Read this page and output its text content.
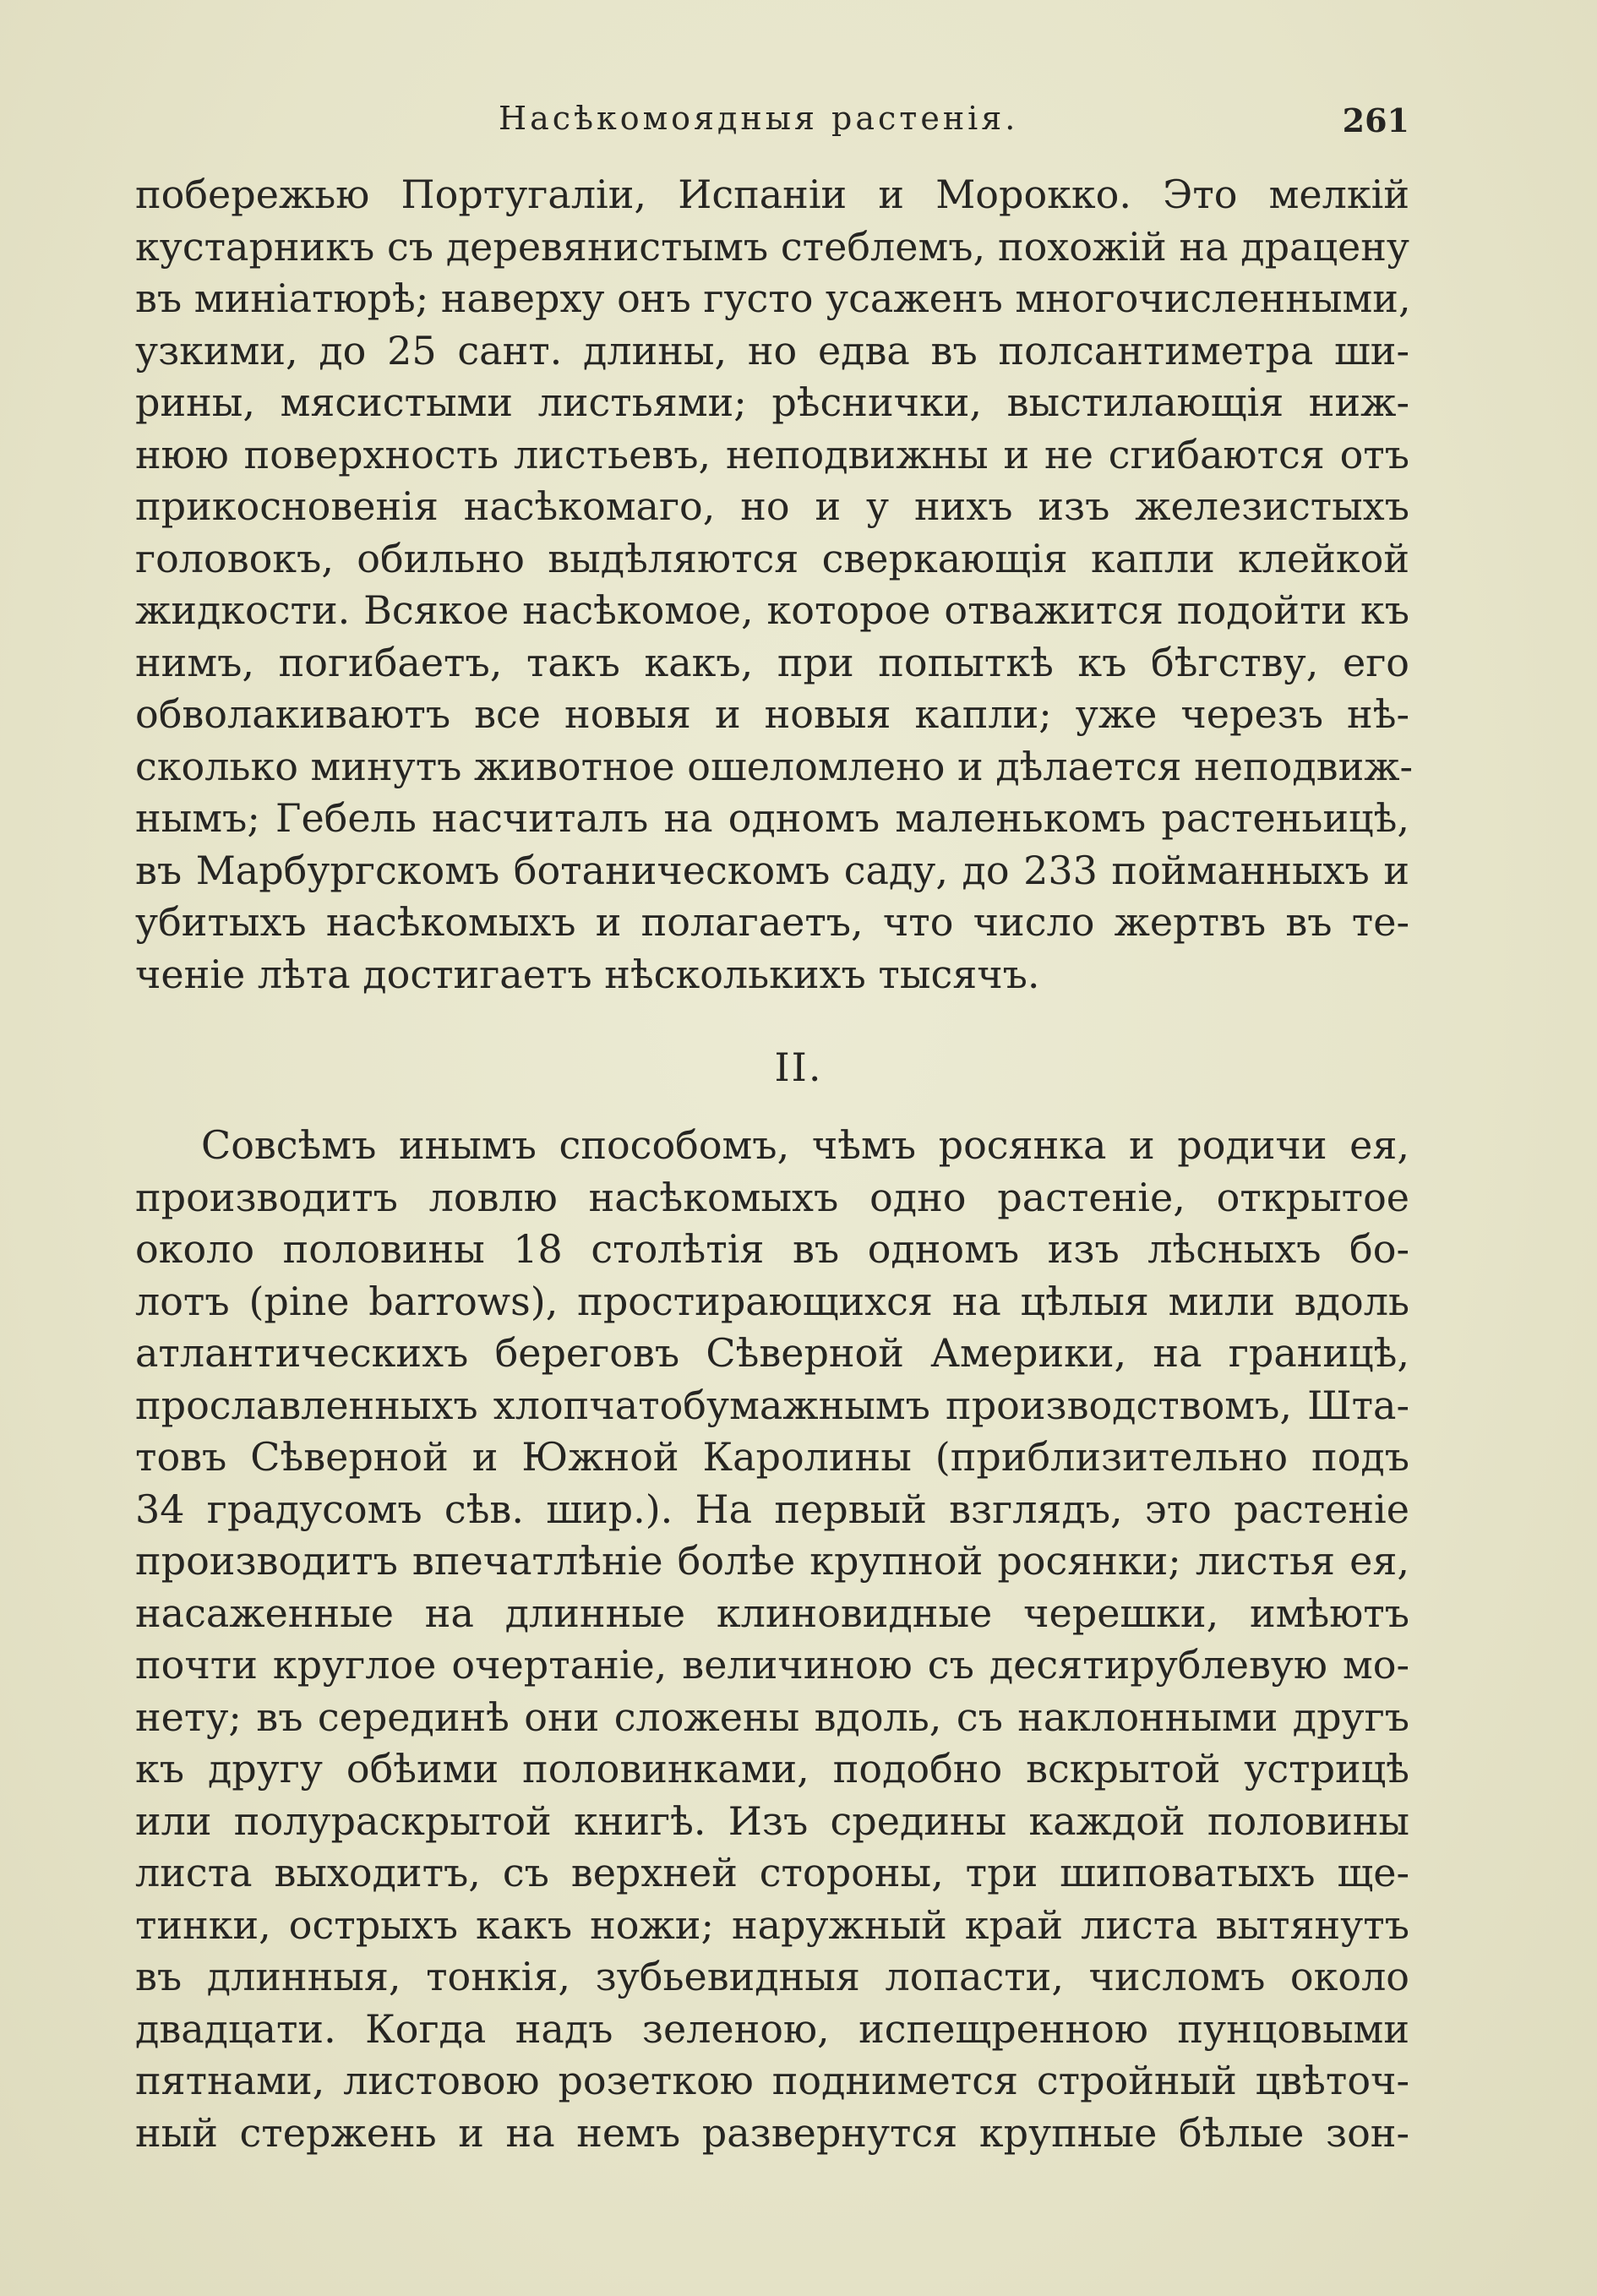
Насѣкомоядныя растенія.	261
побережью Португаліи, Испаніи и Морокко. Это мелкій
кустарникъ съ деревянистымъ стеблемъ, похожій на драцену
въ миніатюрѣ; наверху онъ густо усаженъ многочисленными,
узкими, до 25 сант. длины, но едва въ полсантиметра ши-
рины, мясистыми листьями; рѣснички, выстилающія ниж-
нюю поверхность листьевъ, неподвижны и не сгибаются отъ
прикосновенія насѣкомаго, но и у нихъ изъ железистыхъ
головокъ, обильно выдѣляются сверкающія капли клейкой
жидкости. Всякое насѣкомое, которое отважится подойти къ
нимъ, погибаетъ, такъ какъ, при попыткѣ къ бѣгству, его
обволакиваютъ все новыя и новыя капли; уже черезъ нѣ-
сколько минутъ животное ошеломлено и дѣлается неподвиж-
нымъ; Гебель насчиталъ на одномъ маленькомъ растеньицѣ,
въ Марбургскомъ ботаническомъ саду, до 233 пойманныхъ и
убитыхъ насѣкомыхъ и полагаетъ, что число жертвъ въ те-
ченіе лѣта достигаетъ нѣсколькихъ тысячъ.
II.
Совсѣмъ инымъ способомъ, чѣмъ росянка и родичи ея,
производитъ ловлю насѣкомыхъ одно растеніе, открытое
около половины 18 столѣтія въ одномъ изъ лѣсныхъ бо-
лотъ (pine barrows), простирающихся на цѣлыя мили вдоль
атлантическихъ береговъ Сѣверной Америки, на границѣ,
прославленныхъ хлопчатобумажнымъ производствомъ, Шта-
товъ Сѣверной и Южной Каролины (приблизительно подъ
34 градусомъ сѣв. шир.). На первый взглядъ, это растеніе
производитъ впечатлѣніе болѣе крупной росянки; листья ея,
насаженные на длинные клиновидные черешки, имѣютъ
почти круглое очертаніе, величиною съ десятирублевую мо-
нету; въ серединѣ они сложены вдоль, съ наклонными другъ
къ другу обѣими половинками, подобно вскрытой устрицѣ
или полураскрытой книгѣ. Изъ средины каждой половины
листа выходитъ, съ верхней стороны, три шиповатыхъ ще-
тинки, острыхъ какъ ножи; наружный край листа вытянутъ
въ длинныя, тонкія, зубьевидныя лопасти, числомъ около
двадцати. Когда надъ зеленою, испещренною пунцовыми
пятнами, листовою розеткою поднимется стройный цвѣточ-
ный стержень и на немъ развернутся крупные бѣлые зон-
